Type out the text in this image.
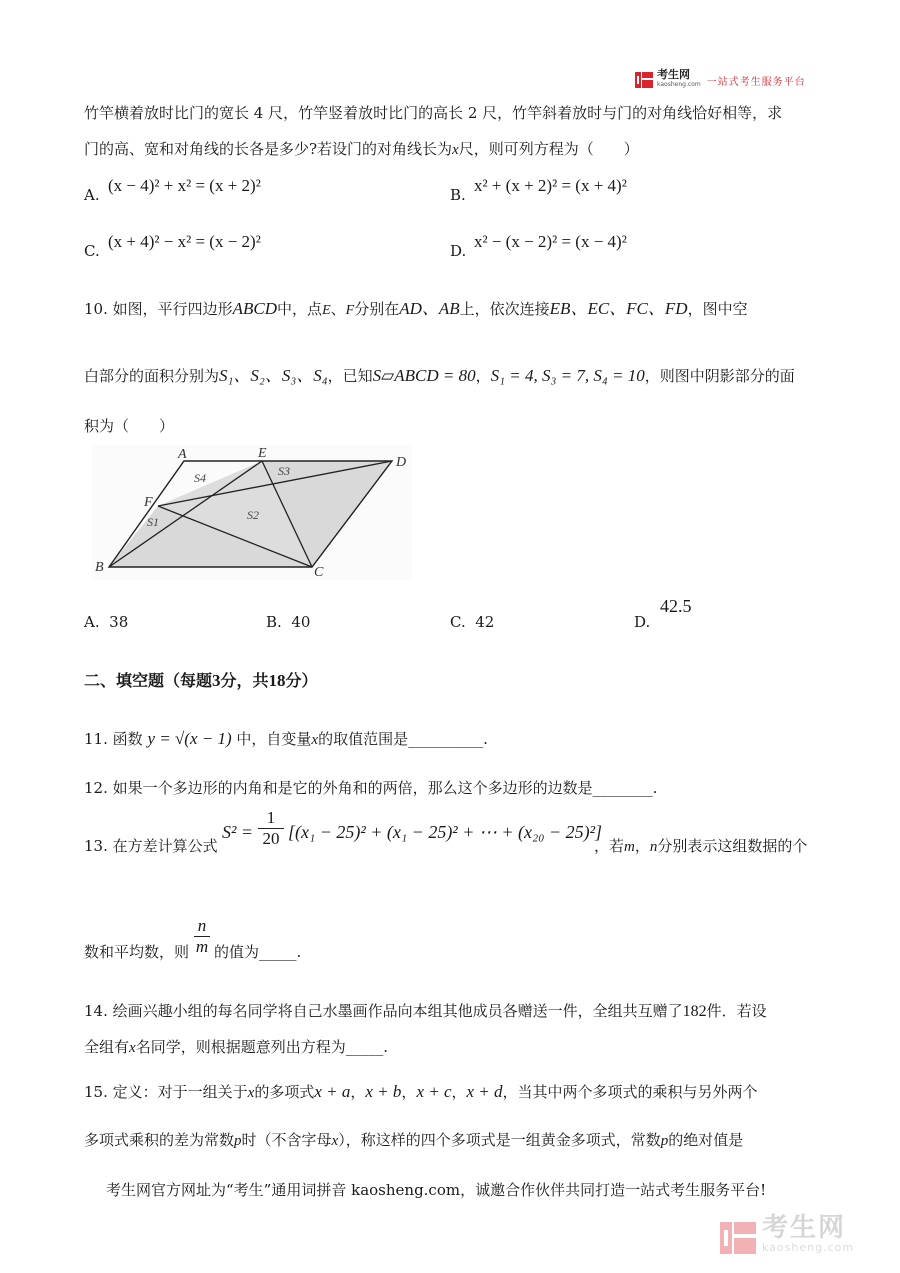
考生网
kaosheng.com 一站式考生服务平台
竹竿横着放时比门的宽长 4 尺，竹竿竖着放时比门的高长 2 尺，竹竿斜着放时与门的对角线恰好相等，求
门的高、宽和对角线的长各是多少?若设门的对角线长为x尺，则可列方程为（　　）
A. (x − 4)² + x² = (x + 2)²	B. x² + (x + 2)² = (x + 4)²
C. (x + 4)² − x² = (x − 2)²	D. x² − (x − 2)² = (x − 4)²
10. 如图，平行四边形ABCD中，点E、F分别在AD、AB上，依次连接EB、EC、FC、FD，图中空
白部分的面积分别为S₁、S₂、S₃、S₄，已知S▱ABCD = 80，S₁ = 4, S₃ = 7, S₄ = 10，则图中阴影部分的面
积为（　　）
A	E
D
F
B	C
S4	S3
S2
S1
A. 38	B. 40	C. 42	D.
42.5
二、填空题（每题3分，共18分）
11. 函数 y = √(x − 1) 中，自变量x的取值范围是__________.
12. 如果一个多边形的内角和是它的外角和的两倍，那么这个多边形的边数是________.
13. 在方差计算公式
$S^2 = \frac{1}{20} [(x_1 - 25)^2 + (x_1 - 25)^2$ + ⋯ + (x₂₀ − 25)²]
，若m，n分别表示这组数据的个
数和平均数，则 $\frac{n}{m}$ 的值为_____.
14. 绘画兴趣小组的每名同学将自己水墨画作品向本组其他成员各赠送一件，全组共互赠了182件．若设
全组有x名同学，则根据题意列出方程为_____.
15. 定义：对于一组关于x的多项式x + a，x + b，x + c，x + d，当其中两个多项式的乘积与另外两个
多项式乘积的差为常数p时（不含字母x），称这样的四个多项式是一组黄金多项式，常数p的绝对值是
考生网官方网址为“考生”通用词拼音 kaosheng.com，诚邀合作伙伴共同打造一站式考生服务平台!
考生网
kaosheng.com
